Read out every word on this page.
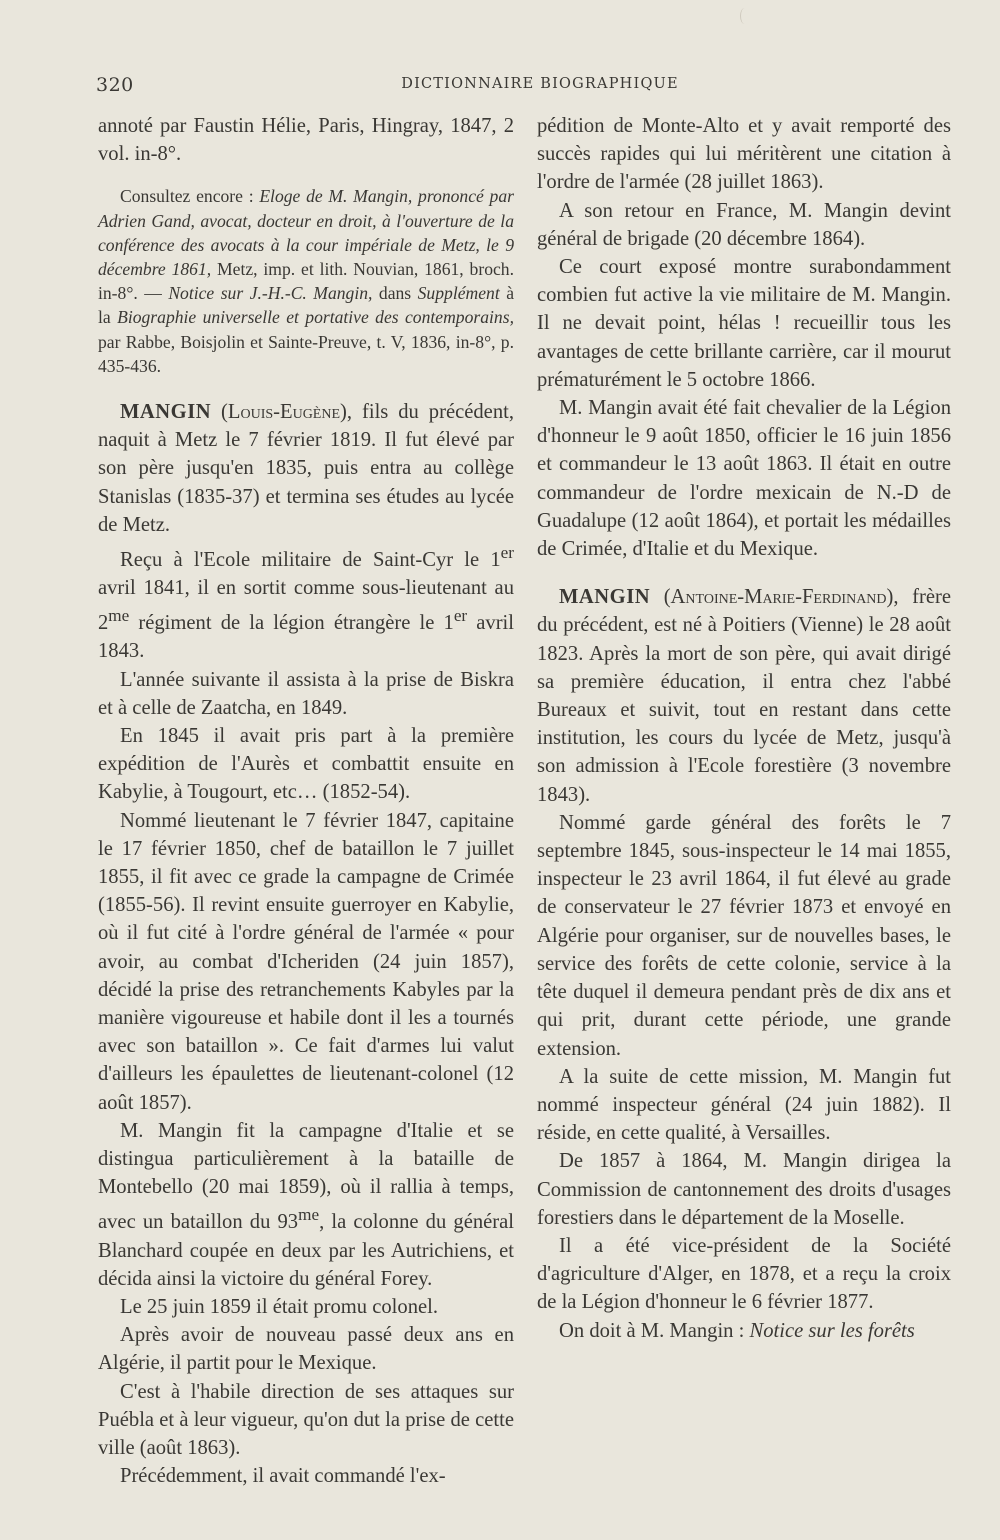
320	DICTIONNAIRE BIOGRAPHIQUE

annoté par Faustin Hélie, Paris, Hingray, 1847, 2 vol. in-8°.

Consultez encore : Eloge de M. Mangin, prononcé par Adrien Gand, avocat, docteur en droit, à l'ouverture de la conférence des avocats à la cour impériale de Metz, le 9 décembre 1861, Metz, imp. et lith. Nouvian, 1861, broch. in-8°. — Notice sur J.-H.-C. Mangin, dans Supplément à la Biographie universelle et portative des contemporains, par Rabbe, Boisjolin et Sainte-Preuve, t. V, 1836, in-8°, p. 435-436.

MANGIN (Louis-Eugène), fils du précédent, naquit à Metz le 7 février 1819. Il fut élevé par son père jusqu'en 1835, puis entra au collège Stanislas (1835-37) et termina ses études au lycée de Metz.

Reçu à l'Ecole militaire de Saint-Cyr le 1er avril 1841, il en sortit comme sous-lieutenant au $2^{me}$ régiment de la légion étrangère le 1er avril 1843.

L'année suivante il assista à la prise de Biskra et à celle de Zaatcha, en 1849.

En 1845 il avait pris part à la première expédition de l'Aurès et combattit ensuite en Kabylie, à Tougourt, etc… (1852-54).

Nommé lieutenant le 7 février 1847, capitaine le 17 février 1850, chef de bataillon le 7 juillet 1855, il fit avec ce grade la campagne de Crimée (1855-56). Il revint ensuite guerroyer en Kabylie, où il fut cité à l'ordre général de l'armée « pour avoir, au combat d'Icheriden (24 juin 1857), décidé la prise des retranchements Kabyles par la manière vigoureuse et habile dont il les a tournés avec son bataillon ». Ce fait d'armes lui valut d'ailleurs les épaulettes de lieutenant-colonel (12 août 1857).

M. Mangin fit la campagne d'Italie et se distingua particulièrement à la bataille de Montebello (20 mai 1859), où il rallia à temps, avec un bataillon du $93^{me}$, la colonne du général Blanchard coupée en deux par les Autrichiens, et décida ainsi la victoire du général Forey.

Le 25 juin 1859 il était promu colonel.

Après avoir de nouveau passé deux ans en Algérie, il partit pour le Mexique.

C'est à l'habile direction de ses attaques sur Puébla et à leur vigueur, qu'on dut la prise de cette ville (août 1863).

Précédemment, il avait commandé l'ex-

pédition de Monte-Alto et y avait remporté des succès rapides qui lui méritèrent une citation à l'ordre de l'armée (28 juillet 1863).

A son retour en France, M. Mangin devint général de brigade (20 décembre 1864).

Ce court exposé montre surabondamment combien fut active la vie militaire de M. Mangin. Il ne devait point, hélas ! recueillir tous les avantages de cette brillante carrière, car il mourut prématurément le 5 octobre 1866.

M. Mangin avait été fait chevalier de la Légion d'honneur le 9 août 1850, officier le 16 juin 1856 et commandeur le 13 août 1863. Il était en outre commandeur de l'ordre mexicain de N.-D de Guadalupe (12 août 1864), et portait les médailles de Crimée, d'Italie et du Mexique.

MANGIN (Antoine-Marie-Ferdinand), frère du précédent, est né à Poitiers (Vienne) le 28 août 1823. Après la mort de son père, qui avait dirigé sa première éducation, il entra chez l'abbé Bureaux et suivit, tout en restant dans cette institution, les cours du lycée de Metz, jusqu'à son admission à l'Ecole forestière (3 novembre 1843).

Nommé garde général des forêts le 7 septembre 1845, sous-inspecteur le 14 mai 1855, inspecteur le 23 avril 1864, il fut élevé au grade de conservateur le 27 février 1873 et envoyé en Algérie pour organiser, sur de nouvelles bases, le service des forêts de cette colonie, service à la tête duquel il demeura pendant près de dix ans et qui prit, durant cette période, une grande extension.

A la suite de cette mission, M. Mangin fut nommé inspecteur général (24 juin 1882). Il réside, en cette qualité, à Versailles.

De 1857 à 1864, M. Mangin dirigea la Commission de cantonnement des droits d'usages forestiers dans le département de la Moselle.

Il a été vice-président de la Société d'agriculture d'Alger, en 1878, et a reçu la croix de la Légion d'honneur le 6 février 1877.

On doit à M. Mangin : Notice sur les forêts
